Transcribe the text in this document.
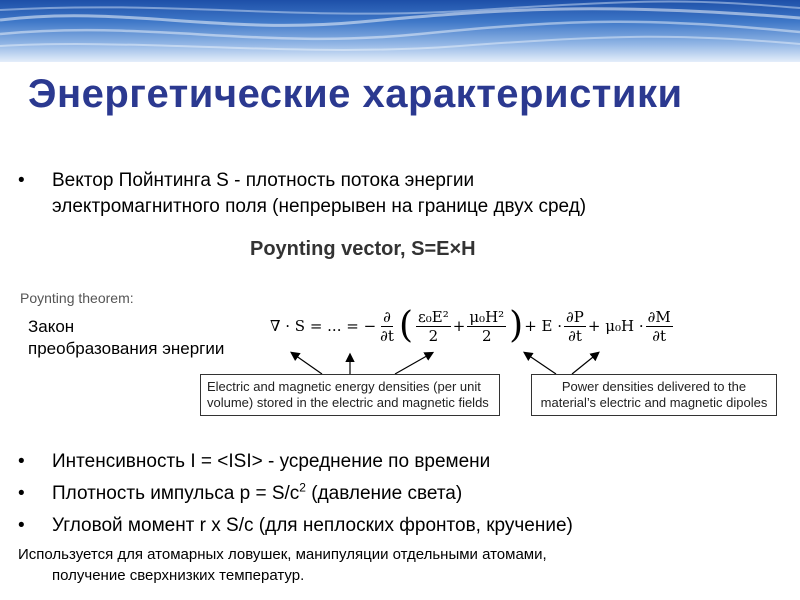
Энергетические характеристики
•	Вектор Пойнтинга S - плотность потока энергии
электромагнитного поля (непрерывен на границе двух сред)
Poynting vector, S=E×H
Poynting theorem:
Закон
преобразования энергии
∇ · S = ... = − $\frac{\partial}{\partial t}$ ( $\frac{\text{ε₀E²}}{2} + \frac{\text{μ₀H²}}{2}$ ) + $E \cdot \frac{\partial P}{\partial t} + \mu_0H \cdot \frac{\partial M}{\partial t}$
Electric and magnetic energy densities (per unit
volume) stored in the electric and magnetic fields
Power densities delivered to the
material’s electric and magnetic dipoles
•	Интенсивность I = <ISI> - усреднение по времени
•	Плотность импульса $p = S/c^2$ (давление света)
•	Угловой момент r x S/c (для неплоских фронтов, кручение)
Используется для атомарных ловушек, манипуляции отдельными атомами,
получение сверхнизких температур.
